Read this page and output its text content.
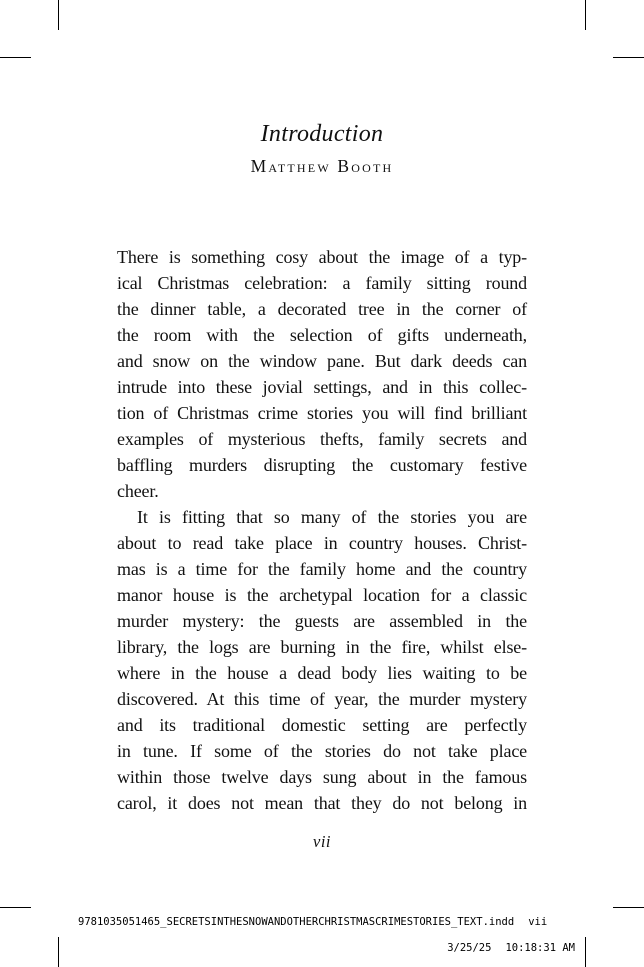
Introduction
Matthew Booth
There is something cosy about the image of a typ-
ical Christmas celebration: a family sitting round
the dinner table, a decorated tree in the corner of
the room with the selection of gifts underneath,
and snow on the window pane. But dark deeds can
intrude into these jovial settings, and in this collec-
tion of Christmas crime stories you will find brilliant
examples of mysterious thefts, family secrets and
baffling murders disrupting the customary festive
cheer.
It is fitting that so many of the stories you are
about to read take place in country houses. Christ-
mas is a time for the family home and the country
manor house is the archetypal location for a classic
murder mystery: the guests are assembled in the
library, the logs are burning in the fire, whilst else-
where in the house a dead body lies waiting to be
discovered. At this time of year, the murder mystery
and its traditional domestic setting are perfectly
in tune. If some of the stories do not take place
within those twelve days sung about in the famous
carol, it does not mean that they do not belong in
vii
9781035051465_SECRETSINTHESNOWANDOTHERCHRISTMASCRIMESTORIES_TEXT.indd vii
3/25/25 10:18:31 AM
